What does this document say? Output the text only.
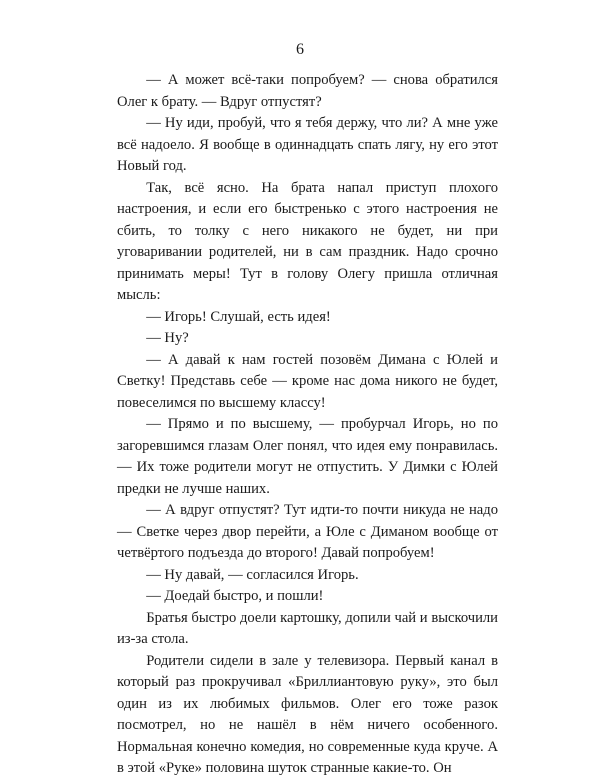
6

— А может всё-таки попробуем? — снова обратился Олег к брату. — Вдруг отпустят?

— Ну иди, пробуй, что я тебя держу, что ли? А мне уже всё надоело. Я вообще в одиннадцать спать лягу, ну его этот Новый год.

Так, всё ясно. На брата напал приступ плохого настроения, и если его быстренько с этого настроения не сбить, то толку с него никакого не будет, ни при уговаривании родителей, ни в сам праздник. Надо срочно принимать меры! Тут в голову Олегу пришла отличная мысль:

— Игорь! Слушай, есть идея!

— Ну?

— А давай к нам гостей позовём Димана с Юлей и Светку! Представь себе — кроме нас дома никого не будет, повеселимся по высшему классу!

— Прямо и по высшему, — пробурчал Игорь, но по загоревшимся глазам Олег понял, что идея ему понравилась. — Их тоже родители могут не отпустить. У Димки с Юлей предки не лучше наших.

— А вдруг отпустят? Тут идти-то почти никуда не надо — Светке через двор перейти, а Юле с Диманом вообще от четвёртого подъезда до второго! Давай попробуем!

— Ну давай, — согласился Игорь.

— Доедай быстро, и пошли!

Братья быстро доели картошку, допили чай и выскочили из-за стола.

Родители сидели в зале у телевизора. Первый канал в который раз прокручивал «Бриллиантовую руку», это был один из их любимых фильмов. Олег его тоже разок посмотрел, но не нашёл в нём ничего особенного. Нормальная конечно комедия, но современные куда круче. А в этой «Руке» половина шуток странные какие-то. Он
